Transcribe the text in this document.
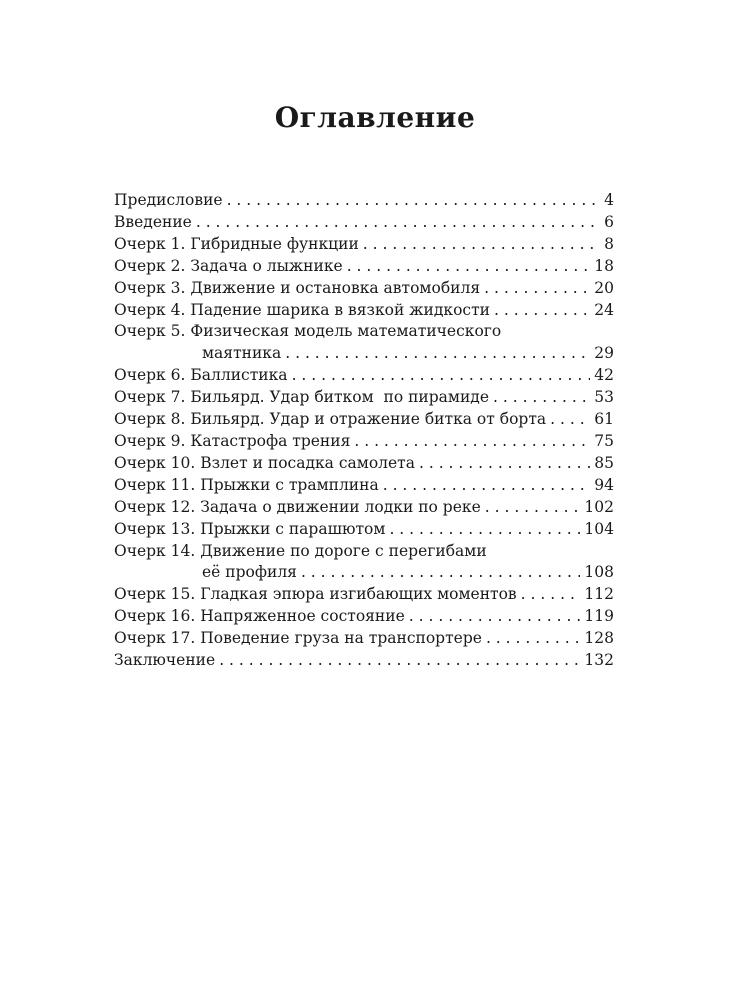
Оглавление
Предисловие . . .	4
Введение . . .	6
Очерк 1. Гибридные функции . . .	8
Очерк 2. Задача о лыжнике . . .	18
Очерк 3. Движение и остановка автомобиля . . .	20
Очерк 4. Падение шарика в вязкой жидкости . . .	24
Очерк 5. Физическая модель математического
маятника . . .	29
Очерк 6. Баллистика . . .	42
Очерк 7. Бильярд. Удар битком  по пирамиде . . .	53
Очерк 8. Бильярд. Удар и отражение битка от борта . . .	61
Очерк 9. Катастрофа трения . . .	75
Очерк 10. Взлет и посадка самолета . . .	85
Очерк 11. Прыжки с трамплина . . .	94
Очерк 12. Задача о движении лодки по реке . . .	102
Очерк 13. Прыжки с парашютом . . .	104
Очерк 14. Движение по дороге с перегибами
её профиля . . .	108
Очерк 15. Гладкая эпюра изгибающих моментов . . .	112
Очерк 16. Напряженное состояние . . .	119
Очерк 17. Поведение груза на транспортере . . .	128
Заключение . . .	132
